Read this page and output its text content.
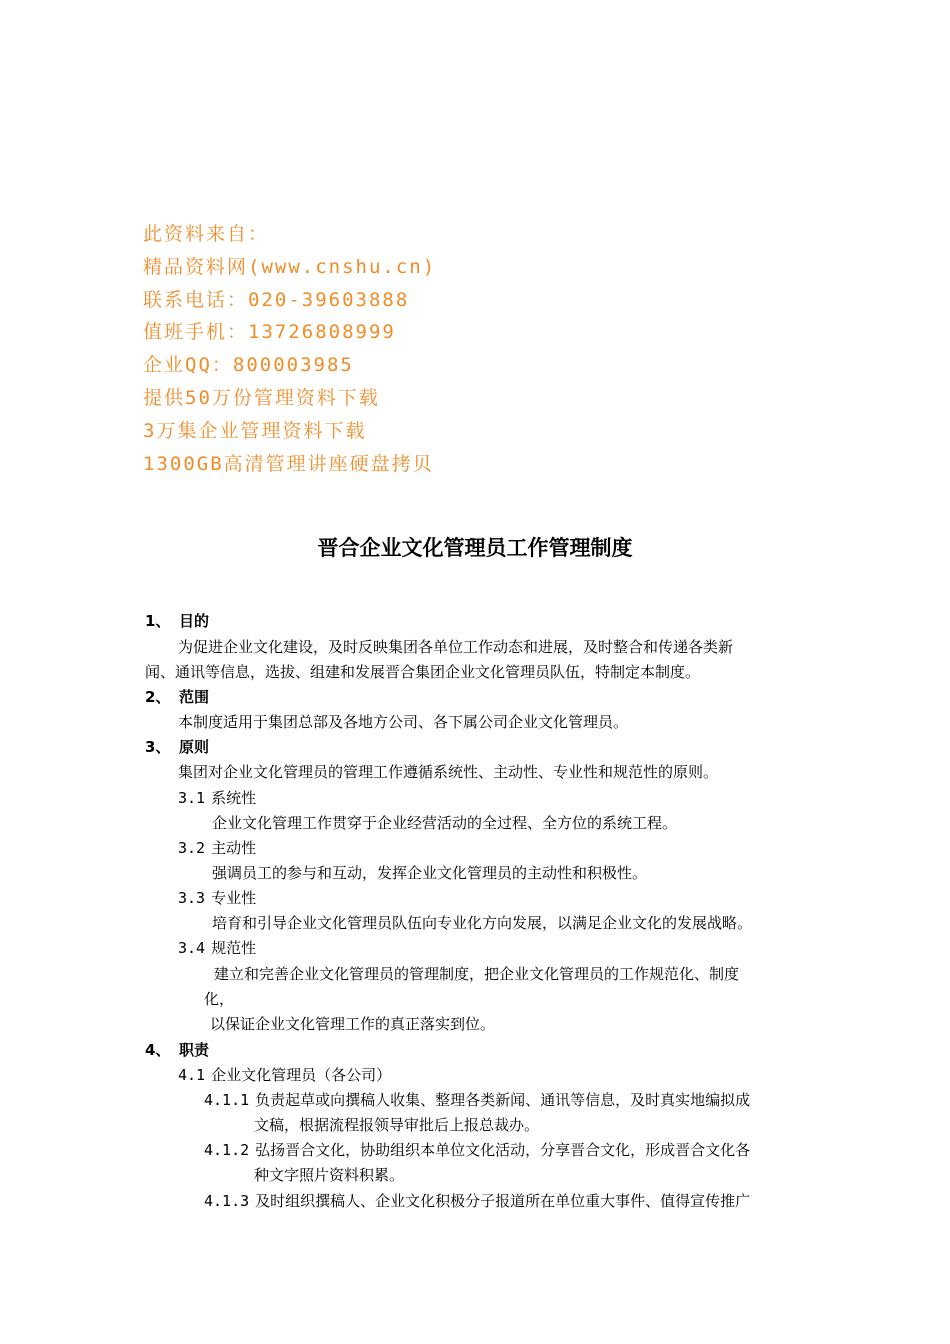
此资料来自：
精品资料网(www.cnshu.cn)
联系电话：020-39603888
值班手机：13726808999
企业QQ：800003985
提供50万份管理资料下载
3万集企业管理资料下载
1300GB高清管理讲座硬盘拷贝
晋合企业文化管理员工作管理制度
1、 目的
为促进企业文化建设，及时反映集团各单位工作动态和进展，及时整合和传递各类新
闻、通讯等信息，选拔、组建和发展晋合集团企业文化管理员队伍，特制定本制度。
2、 范围
本制度适用于集团总部及各地方公司、各下属公司企业文化管理员。
3、 原则
集团对企业文化管理员的管理工作遵循系统性、主动性、专业性和规范性的原则。
3.1 系统性
企业文化管理工作贯穿于企业经营活动的全过程、全方位的系统工程。
3.2 主动性
强调员工的参与和互动，发挥企业文化管理员的主动性和积极性。
3.3 专业性
培育和引导企业文化管理员队伍向专业化方向发展，以满足企业文化的发展战略。
3.4 规范性
建立和完善企业文化管理员的管理制度，把企业文化管理员的工作规范化、制度
化，
以保证企业文化管理工作的真正落实到位。
4、 职责
4.1 企业文化管理员（各公司）
4.1.1 负责起草或向撰稿人收集、整理各类新闻、通讯等信息，及时真实地编拟成
文稿，根据流程报领导审批后上报总裁办。
4.1.2 弘扬晋合文化，协助组织本单位文化活动，分享晋合文化，形成晋合文化各
种文字照片资料积累。
4.1.3 及时组织撰稿人、企业文化积极分子报道所在单位重大事件、值得宣传推广
